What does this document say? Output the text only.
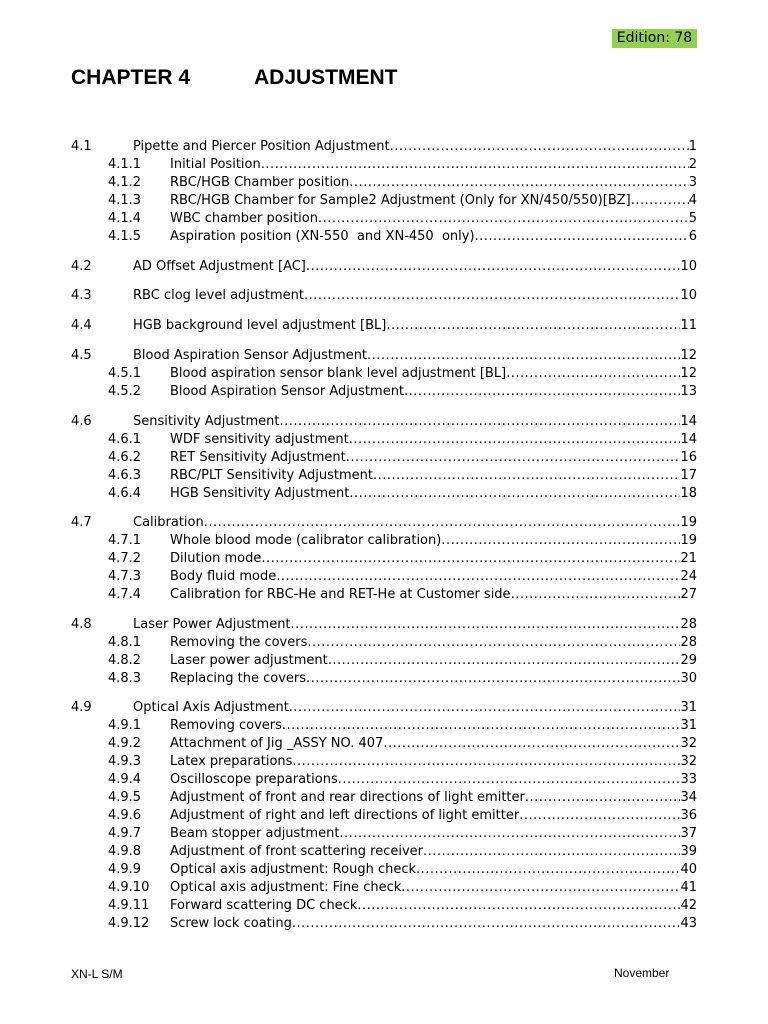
Edition: 78
CHAPTER 4	ADJUSTMENT
4.1	Pipette and Piercer Position Adjustment .....	1
4.1.1	Initial Position .....	2
4.1.2	RBC/HGB Chamber position .....	3
4.1.3	RBC/HGB Chamber for Sample2 Adjustment (Only for XN/450/550)[BZ] .....	4
4.1.4	WBC chamber position .....	5
4.1.5	Aspiration position (XN-550  and XN-450  only) .....	6
4.2	AD Offset Adjustment [AC] .....	10
4.3	RBC clog level adjustment .....	10
4.4	HGB background level adjustment [BL] .....	11
4.5	Blood Aspiration Sensor Adjustment .....	12
4.5.1	Blood aspiration sensor blank level adjustment [BL] .....	12
4.5.2	Blood Aspiration Sensor Adjustment .....	13
4.6	Sensitivity Adjustment .....	14
4.6.1	WDF sensitivity adjustment .....	14
4.6.2	RET Sensitivity Adjustment .....	16
4.6.3	RBC/PLT Sensitivity Adjustment .....	17
4.6.4	HGB Sensitivity Adjustment .....	18
4.7	Calibration .....	19
4.7.1	Whole blood mode (calibrator calibration) .....	19
4.7.2	Dilution mode .....	21
4.7.3	Body fluid mode .....	24
4.7.4	Calibration for RBC-He and RET-He at Customer side .....	27
4.8	Laser Power Adjustment .....	28
4.8.1	Removing the covers .....	28
4.8.2	Laser power adjustment .....	29
4.8.3	Replacing the covers .....	30
4.9	Optical Axis Adjustment .....	31
4.9.1	Removing covers .....	31
4.9.2	Attachment of Jig _ASSY NO. 407 .....	32
4.9.3	Latex preparations .....	32
4.9.4	Oscilloscope preparations .....	33
4.9.5	Adjustment of front and rear directions of light emitter .....	34
4.9.6	Adjustment of right and left directions of light emitter .....	36
4.9.7	Beam stopper adjustment .....	37
4.9.8	Adjustment of front scattering receiver .....	39
4.9.9	Optical axis adjustment: Rough check .....	40
4.9.10	Optical axis adjustment: Fine check .....	41
4.9.11	Forward scattering DC check .....	42
4.9.12	Screw lock coating .....	43
XN-L S/M	November
